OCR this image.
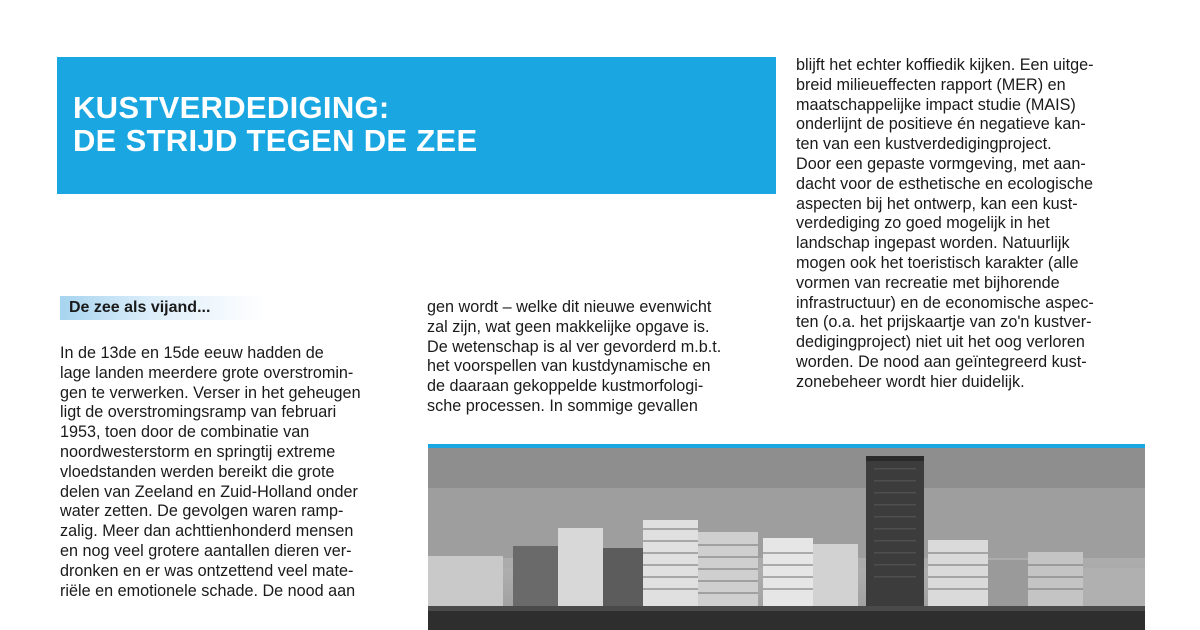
KUSTVERDEDIGING:
DE STRIJD TEGEN DE ZEE
blijft het echter koffiedik kijken. Een uitge-
breid milieueffecten rapport (MER) en
maatschappelijke impact studie (MAIS)
onderlijnt de positieve én negatieve kan-
ten van een kustverdedigingproject.
Door een gepaste vormgeving, met aan-
dacht voor de esthetische en ecologische
aspecten bij het ontwerp, kan een kust-
verdediging zo goed mogelijk in het
landschap ingepast worden. Natuurlijk
mogen ook het toeristisch karakter (alle
vormen van recreatie met bijhorende
infrastructuur) en de economische aspec-
ten (o.a. het prijskaartje van zo'n kustver-
dedigingproject) niet uit het oog verloren
worden. De nood aan geïntegreerd kust-
zonebeheer wordt hier duidelijk.
De zee als vijand...	gen wordt – welke dit nieuwe evenwicht
zal zijn, wat geen makkelijke opgave is.
De wetenschap is al ver gevorderd m.b.t.
het voorspellen van kustdynamische en
de daaraan gekoppelde kustmorfologi-
sche processen. In sommige gevallen
In de 13de en 15de eeuw hadden de
lage landen meerdere grote overstromin-
gen te verwerken. Verser in het geheugen
ligt de overstromingsramp van februari
1953, toen door de combinatie van
noordwesterstorm en springtij extreme
vloedstanden werden bereikt die grote
delen van Zeeland en Zuid-Holland onder
water zetten. De gevolgen waren ramp-
zalig. Meer dan achttienhonderd mensen
en nog veel grotere aantallen dieren ver-
dronken en er was ontzettend veel mate-
riële en emotionele schade. De nood aan
